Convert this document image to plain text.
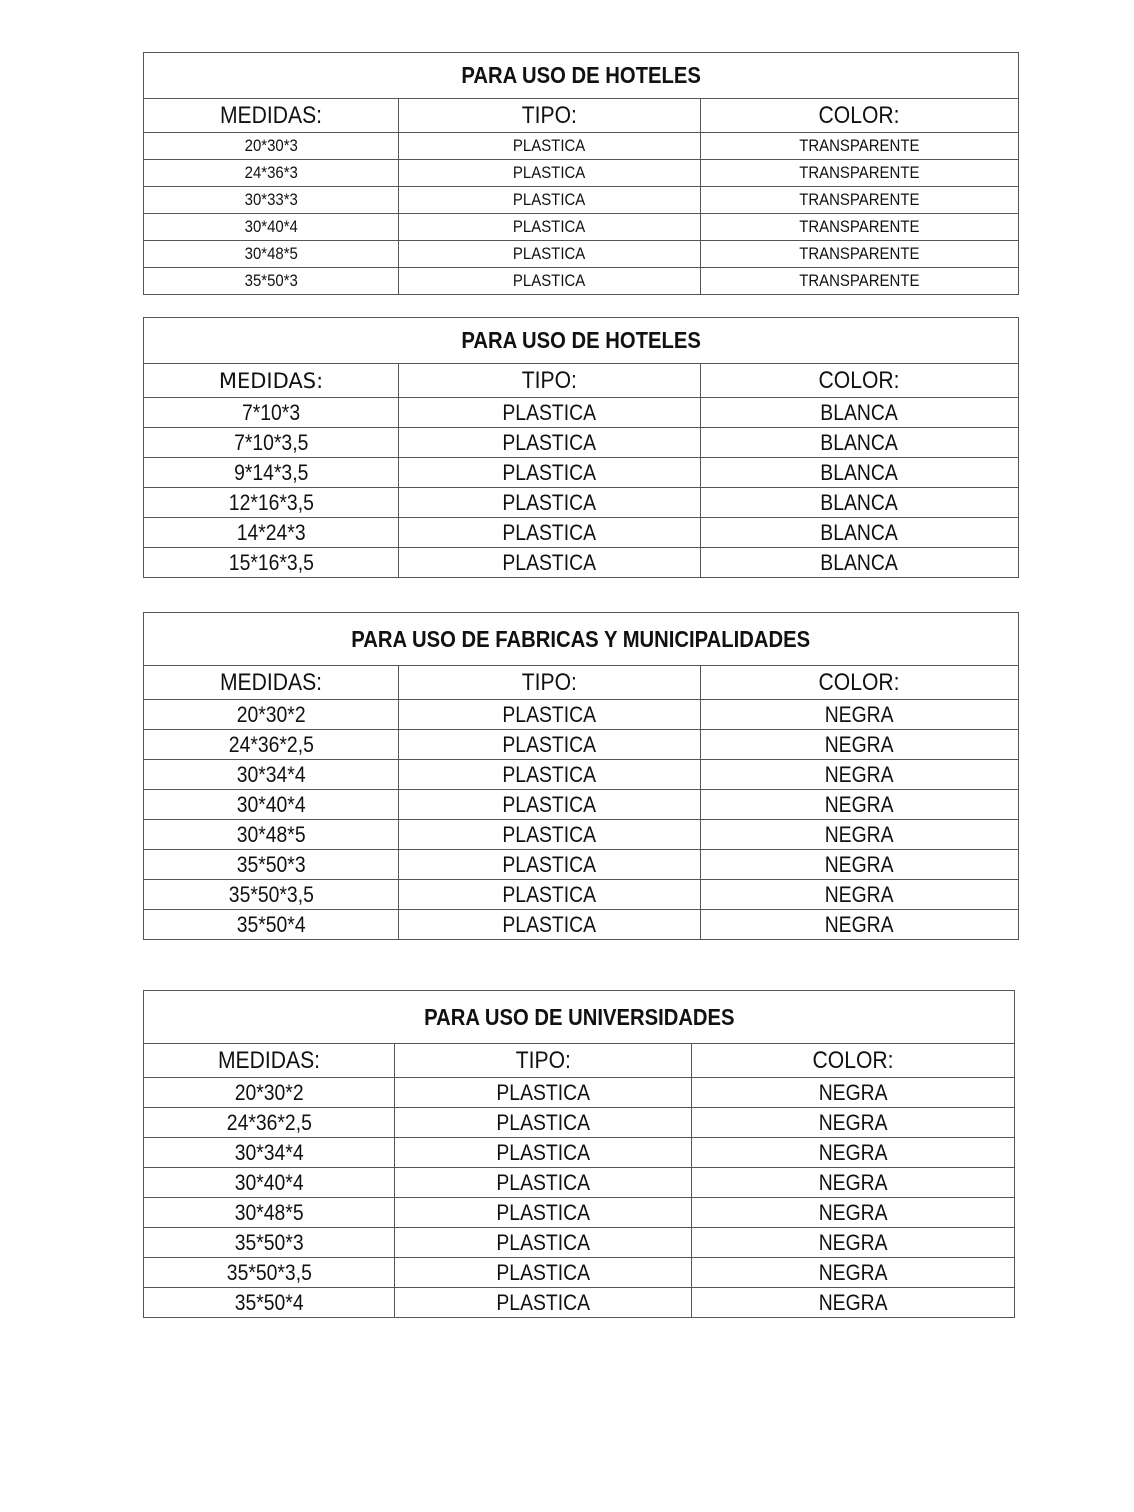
PARA USO DE HOTELES		
MEDIDAS:	TIPO:	COLOR:
20*30*3	PLASTICA	TRANSPARENTE
24*36*3	PLASTICA	TRANSPARENTE
30*33*3	PLASTICA	TRANSPARENTE
30*40*4	PLASTICA	TRANSPARENTE
30*48*5	PLASTICA	TRANSPARENTE
35*50*3	PLASTICA	TRANSPARENTE
PARA USO DE HOTELES		
MEDIDAS:	TIPO:	COLOR:
7*10*3	PLASTICA	BLANCA
7*10*3,5	PLASTICA	BLANCA
9*14*3,5	PLASTICA	BLANCA
12*16*3,5	PLASTICA	BLANCA
14*24*3	PLASTICA	BLANCA
15*16*3,5	PLASTICA	BLANCA
PARA USO DE FABRICAS Y MUNICIPALIDADES		
MEDIDAS:	TIPO:	COLOR:
20*30*2	PLASTICA	NEGRA
24*36*2,5	PLASTICA	NEGRA
30*34*4	PLASTICA	NEGRA
30*40*4	PLASTICA	NEGRA
30*48*5	PLASTICA	NEGRA
35*50*3	PLASTICA	NEGRA
35*50*3,5	PLASTICA	NEGRA
35*50*4	PLASTICA	NEGRA
PARA USO DE UNIVERSIDADES		
MEDIDAS:	TIPO:	COLOR:
20*30*2	PLASTICA	NEGRA
24*36*2,5	PLASTICA	NEGRA
30*34*4	PLASTICA	NEGRA
30*40*4	PLASTICA	NEGRA
30*48*5	PLASTICA	NEGRA
35*50*3	PLASTICA	NEGRA
35*50*3,5	PLASTICA	NEGRA
35*50*4	PLASTICA	NEGRA
